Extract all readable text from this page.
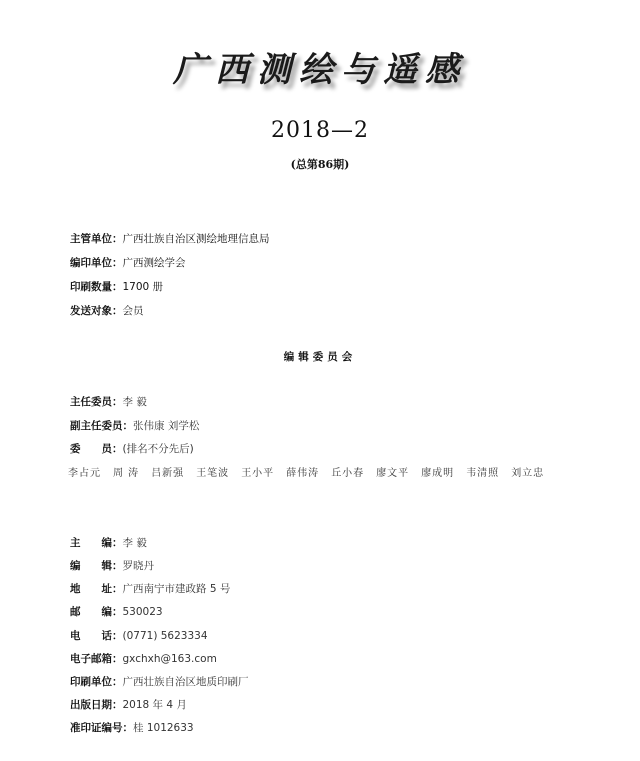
广西测绘与遥感
2018—2
(总第86期)
主管单位：广西壮族自治区测绘地理信息局
编印单位：广西测绘学会
印刷数量：1700 册
发送对象：会员
编辑委员会
主任委员：李 毅
副主任委员：张伟康 刘学松
委　　员：(排名不分先后)
李占元 周 涛 吕新强 王笔波 王小平 薛伟涛 丘小春 廖文平 廖成明 韦清照 刘立忠
主　　编：李 毅
编　　辑：罗晓丹
地　　址：广西南宁市建政路 5 号
邮　　编：530023
电　　话：(0771) 5623334
电子邮箱：gxchxh@163.com
印刷单位：广西壮族自治区地质印刷厂
出版日期：2018 年 4 月
准印证编号：桂 1012633
